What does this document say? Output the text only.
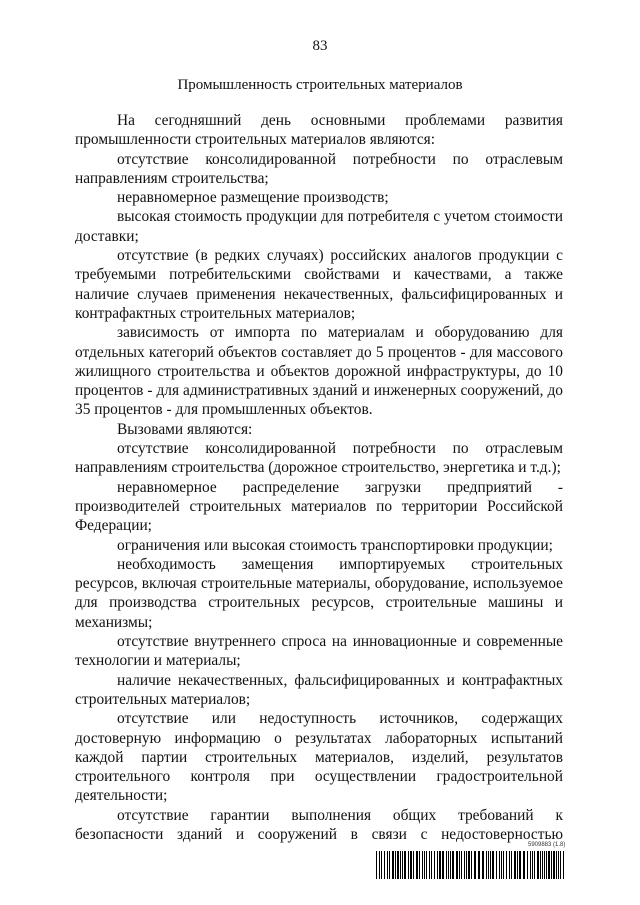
83
Промышленность строительных материалов

На сегодняшний день основными проблемами развития промышленности строительных материалов являются:

отсутствие консолидированной потребности по отраслевым направлениям строительства;

неравномерное размещение производств;

высокая стоимость продукции для потребителя с учетом стоимости доставки;

отсутствие (в редких случаях) российских аналогов продукции с требуемыми потребительскими свойствами и качествами, а также наличие случаев применения некачественных, фальсифицированных и контрафактных строительных материалов;

зависимость от импорта по материалам и оборудованию для отдельных категорий объектов составляет до 5 процентов - для массового жилищного строительства и объектов дорожной инфраструктуры, до 10 процентов - для административных зданий и инженерных сооружений, до 35 процентов - для промышленных объектов.

Вызовами являются:

отсутствие консолидированной потребности по отраслевым направлениям строительства (дорожное строительство, энергетика и т.д.);

неравномерное распределение загрузки предприятий - производителей строительных материалов по территории Российской Федерации;

ограничения или высокая стоимость транспортировки продукции;

необходимость замещения импортируемых строительных ресурсов, включая строительные материалы, оборудование, используемое для производства строительных ресурсов, строительные машины и механизмы;

отсутствие внутреннего спроса на инновационные и современные технологии и материалы;

наличие некачественных, фальсифицированных и контрафактных строительных материалов;

отсутствие или недоступность источников, содержащих достоверную информацию о результатах лабораторных испытаний каждой партии строительных материалов, изделий, результатов строительного контроля при осуществлении градостроительной деятельности;

отсутствие гарантии выполнения общих требований к безопасности зданий и сооружений в связи с недостоверностью

5909883 (1.8)
